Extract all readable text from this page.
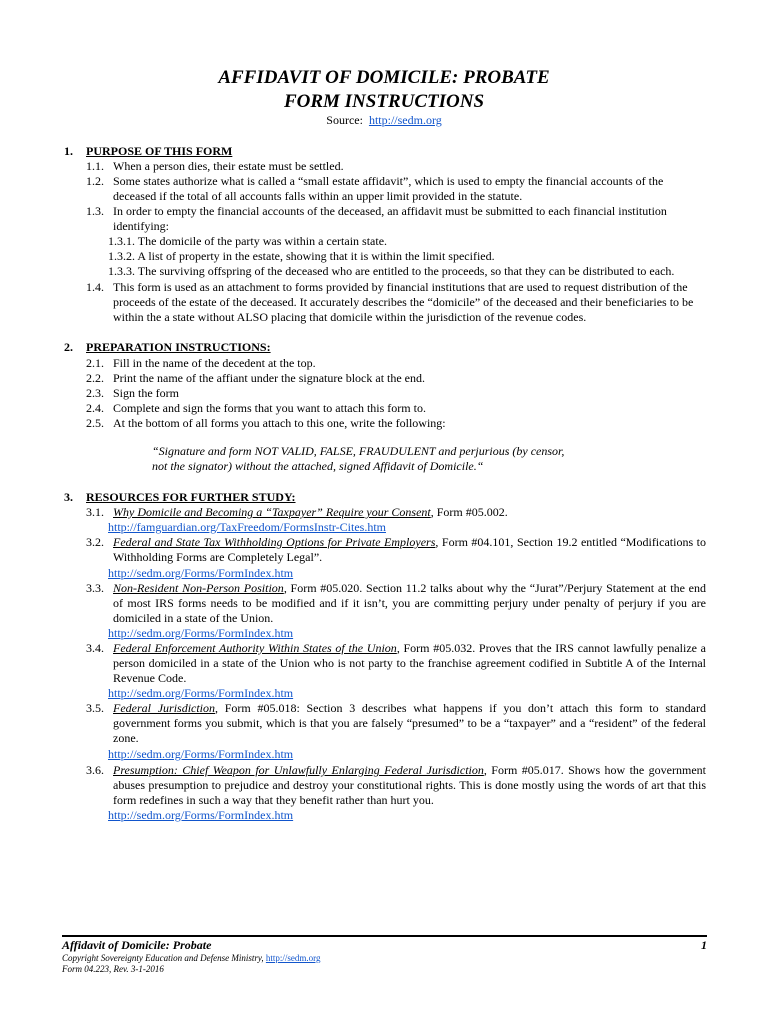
AFFIDAVIT OF DOMICILE: PROBATE
FORM INSTRUCTIONS
Source: http://sedm.org
1. PURPOSE OF THIS FORM
1.1. When a person dies, their estate must be settled.
1.2. Some states authorize what is called a “small estate affidavit”, which is used to empty the financial accounts of the deceased if the total of all accounts falls within an upper limit provided in the statute.
1.3. In order to empty the financial accounts of the deceased, an affidavit must be submitted to each financial institution identifying:
1.3.1. The domicile of the party was within a certain state.
1.3.2. A list of property in the estate, showing that it is within the limit specified.
1.3.3. The surviving offspring of the deceased who are entitled to the proceeds, so that they can be distributed to each.
1.4. This form is used as an attachment to forms provided by financial institutions that are used to request distribution of the proceeds of the estate of the deceased. It accurately describes the “domicile” of the deceased and their beneficiaries to be within the a state without ALSO placing that domicile within the jurisdiction of the revenue codes.
2. PREPARATION INSTRUCTIONS:
2.1. Fill in the name of the decedent at the top.
2.2. Print the name of the affiant under the signature block at the end.
2.3. Sign the form
2.4. Complete and sign the forms that you want to attach this form to.
2.5. At the bottom of all forms you attach to this one, write the following:
“Signature and form NOT VALID, FALSE, FRAUDULENT and perjurious (by censor,
not the signator) without the attached, signed Affidavit of Domicile.“
3. RESOURCES FOR FURTHER STUDY:
3.1. Why Domicile and Becoming a “Taxpayer” Require your Consent, Form #05.002.
http://famguardian.org/TaxFreedom/FormsInstr-Cites.htm
3.2. Federal and State Tax Withholding Options for Private Employers, Form #04.101, Section 19.2 entitled “Modifications to Withholding Forms are Completely Legal”.
http://sedm.org/Forms/FormIndex.htm
3.3. Non-Resident Non-Person Position, Form #05.020. Section 11.2 talks about why the “Jurat”/Perjury Statement at the end of most IRS forms needs to be modified and if it isn’t, you are committing perjury under penalty of perjury if you are domiciled in a state of the Union.
http://sedm.org/Forms/FormIndex.htm
3.4. Federal Enforcement Authority Within States of the Union, Form #05.032. Proves that the IRS cannot lawfully penalize a person domiciled in a state of the Union who is not party to the franchise agreement codified in Subtitle A of the Internal Revenue Code.
http://sedm.org/Forms/FormIndex.htm
3.5. Federal Jurisdiction, Form #05.018: Section 3 describes what happens if you don’t attach this form to standard government forms you submit, which is that you are falsely “presumed” to be a “taxpayer” and a “resident” of the federal zone.
http://sedm.org/Forms/FormIndex.htm
3.6. Presumption: Chief Weapon for Unlawfully Enlarging Federal Jurisdiction, Form #05.017. Shows how the government abuses presumption to prejudice and destroy your constitutional rights. This is done mostly using the words of art that this form redefines in such a way that they benefit rather than hurt you.
http://sedm.org/Forms/FormIndex.htm
Affidavit of Domicile: Probate	1
Copyright Sovereignty Education and Defense Ministry, http://sedm.org
Form 04.223, Rev. 3-1-2016
